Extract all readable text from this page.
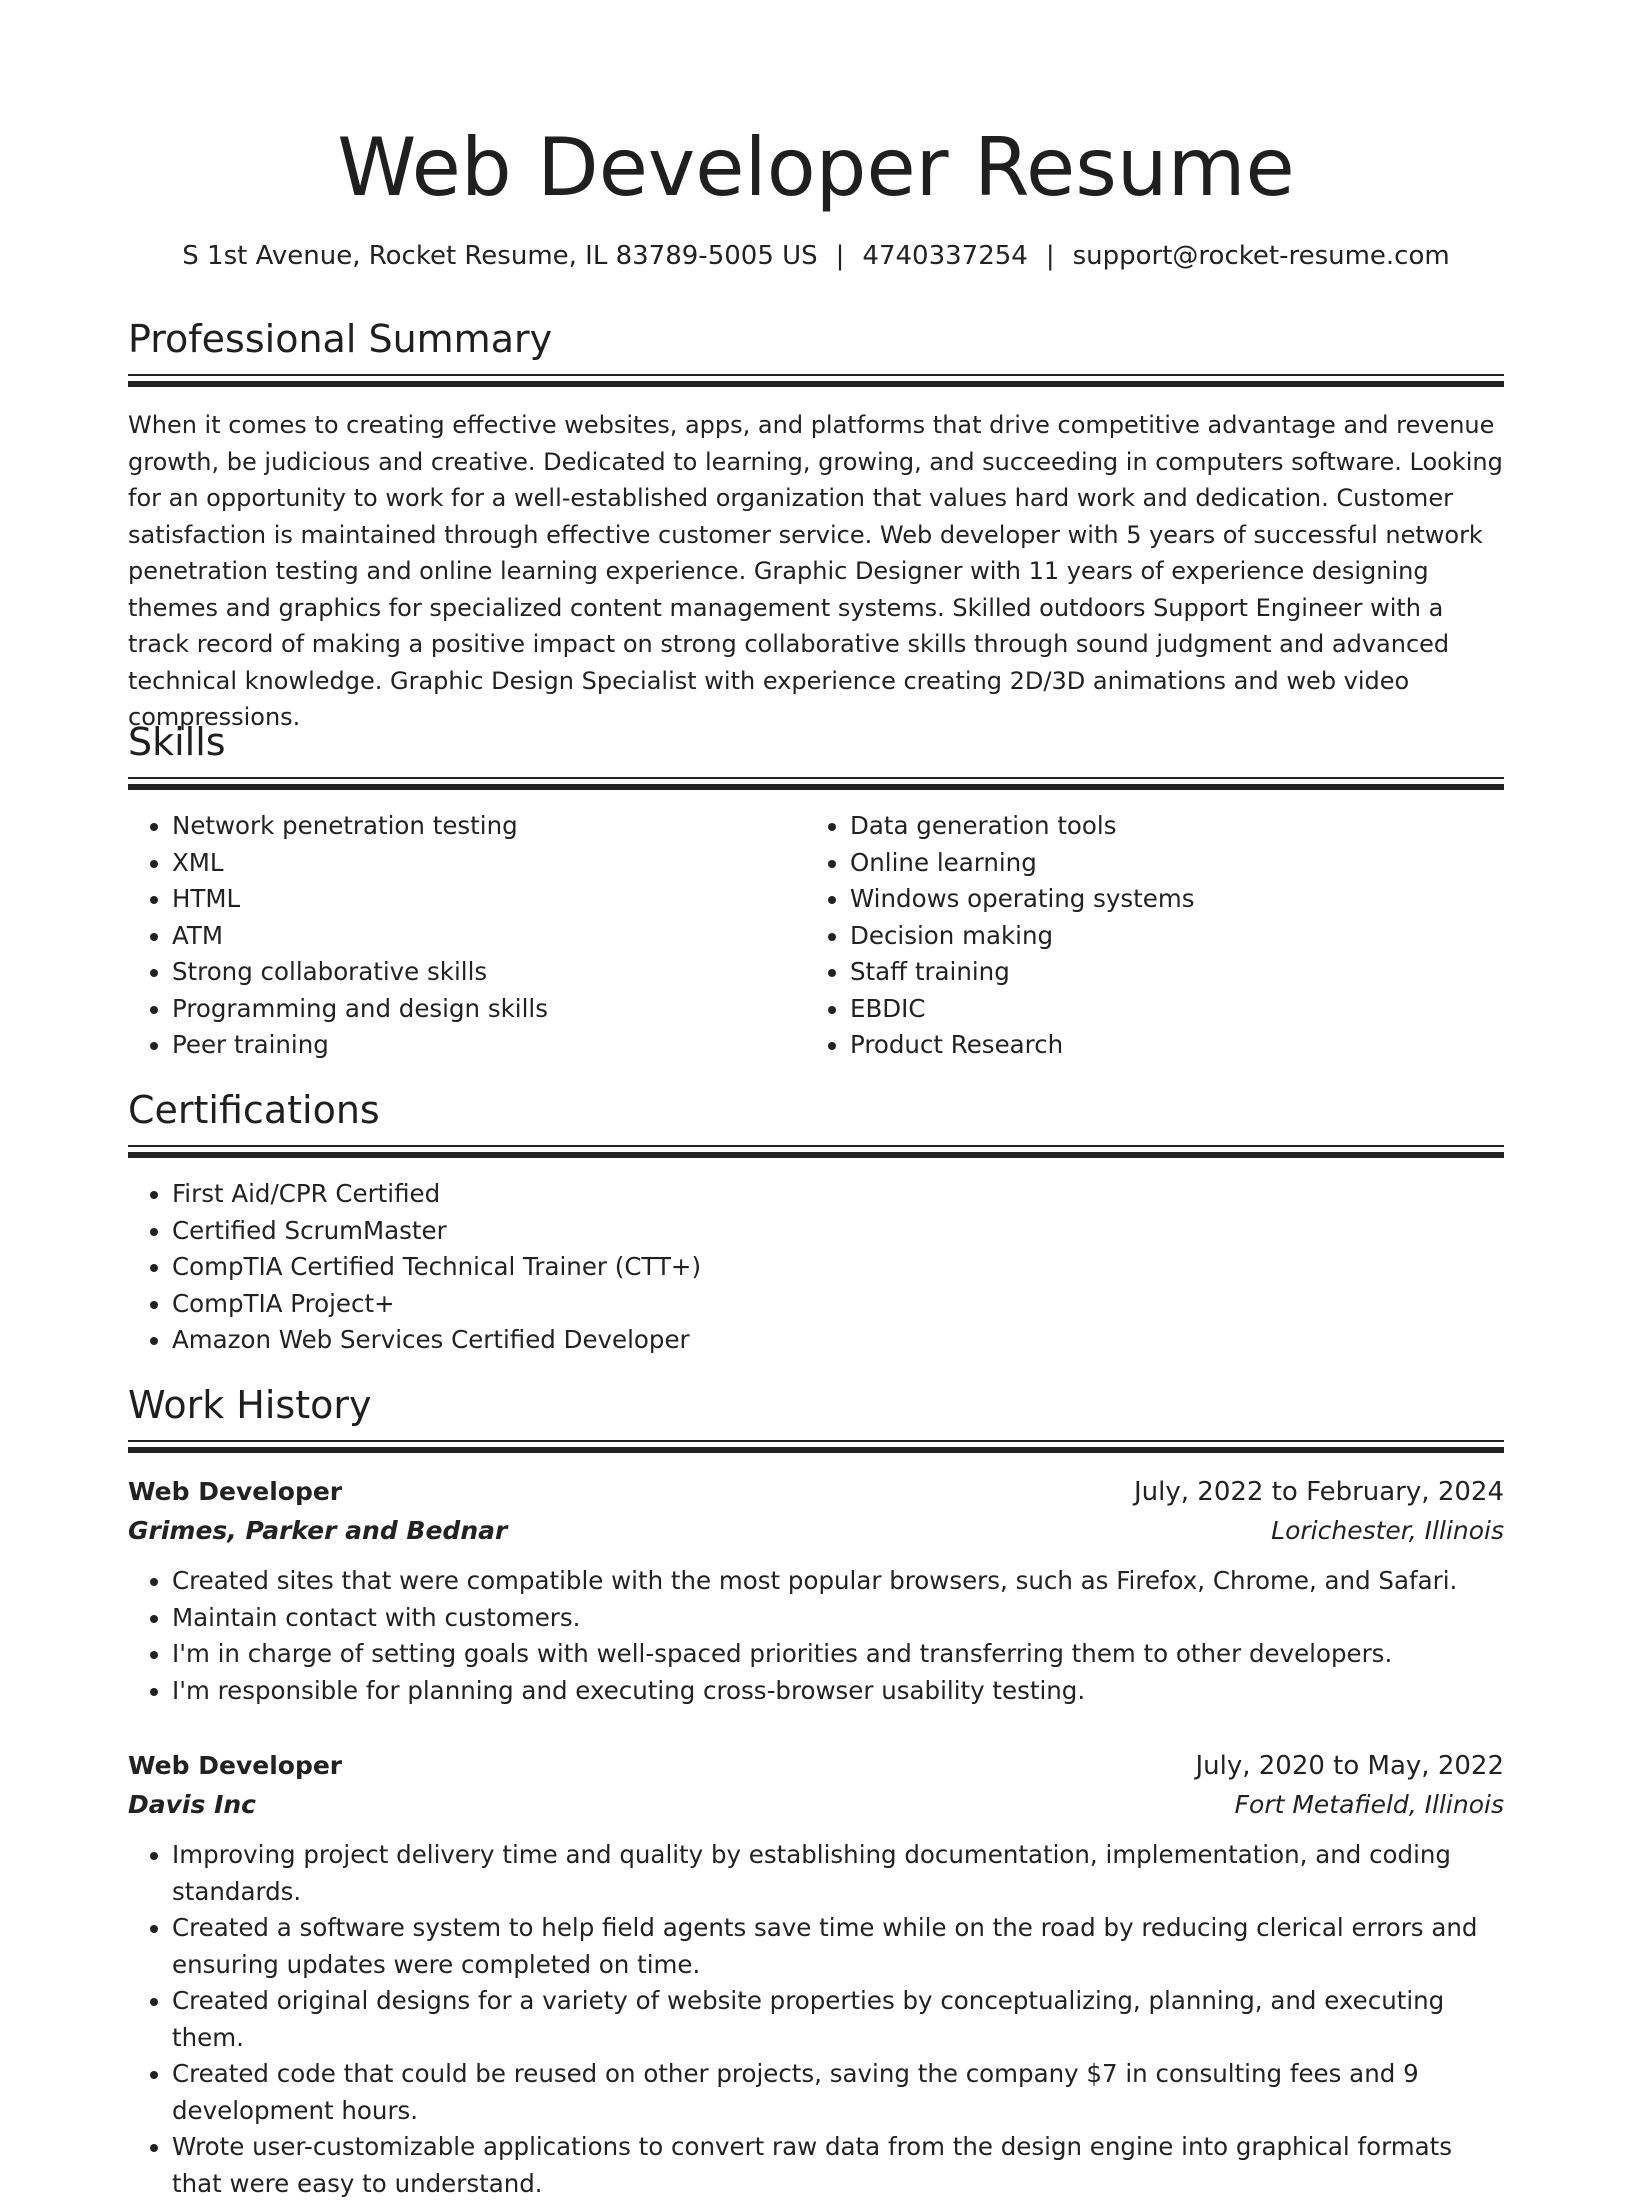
Web Developer Resume
S 1st Avenue, Rocket Resume, IL 83789-5005 US | 4740337254 | support@rocket-resume.com
Professional Summary
When it comes to creating effective websites, apps, and platforms that drive competitive advantage and revenue growth, be judicious and creative. Dedicated to learning, growing, and succeeding in computers software. Looking for an opportunity to work for a well-established organization that values hard work and dedication. Customer satisfaction is maintained through effective customer service. Web developer with 5 years of successful network penetration testing and online learning experience. Graphic Designer with 11 years of experience designing themes and graphics for specialized content management systems. Skilled outdoors Support Engineer with a track record of making a positive impact on strong collaborative skills through sound judgment and advanced technical knowledge. Graphic Design Specialist with experience creating 2D/3D animations and web video compressions.
Skills
• Network penetration testing
• XML
• HTML
• ATM
• Strong collaborative skills
• Programming and design skills
• Peer training
• Data generation tools
• Online learning
• Windows operating systems
• Decision making
• Staff training
• EBDIC
• Product Research
Certifications
• First Aid/CPR Certified
• Certified ScrumMaster
• CompTIA Certified Technical Trainer (CTT+)
• CompTIA Project+
• Amazon Web Services Certified Developer
Work History
Web Developer	July, 2022 to February, 2024
Grimes, Parker and Bednar	Lorichester, Illinois
• Created sites that were compatible with the most popular browsers, such as Firefox, Chrome, and Safari.
• Maintain contact with customers.
• I'm in charge of setting goals with well-spaced priorities and transferring them to other developers.
• I'm responsible for planning and executing cross-browser usability testing.
Web Developer	July, 2020 to May, 2022
Davis Inc	Fort Metafield, Illinois
• Improving project delivery time and quality by establishing documentation, implementation, and coding standards.
• Created a software system to help field agents save time while on the road by reducing clerical errors and ensuring updates were completed on time.
• Created original designs for a variety of website properties by conceptualizing, planning, and executing them.
• Created code that could be reused on other projects, saving the company $7 in consulting fees and 9 development hours.
• Wrote user-customizable applications to convert raw data from the design engine into graphical formats that were easy to understand.
